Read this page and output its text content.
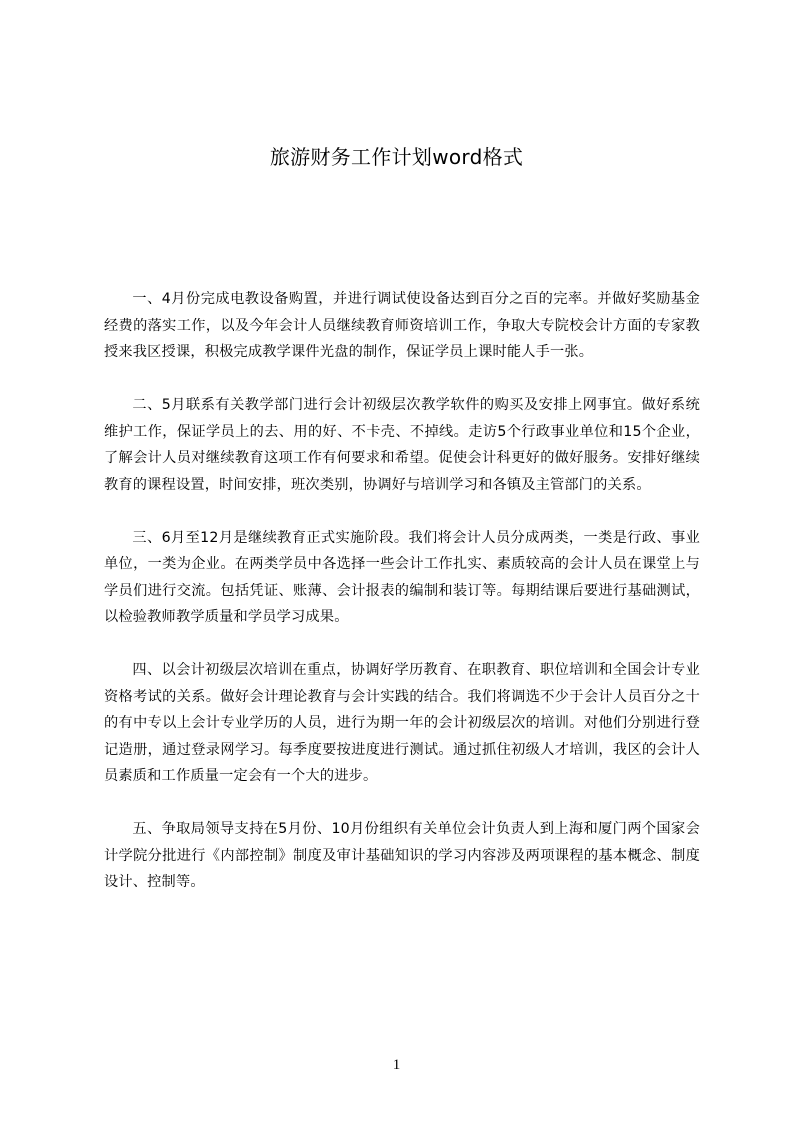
旅游财务工作计划word格式

一、4月份完成电教设备购置，并进行调试使设备达到百分之百的完率。并做好奖励基金经费的落实工作，以及今年会计人员继续教育师资培训工作，争取大专院校会计方面的专家教授来我区授课，积极完成教学课件光盘的制作，保证学员上课时能人手一张。

二、5月联系有关教学部门进行会计初级层次教学软件的购买及安排上网事宜。做好系统维护工作，保证学员上的去、用的好、不卡壳、不掉线。走访5个行政事业单位和15个企业，了解会计人员对继续教育这项工作有何要求和希望。促使会计科更好的做好服务。安排好继续教育的课程设置，时间安排，班次类别，协调好与培训学习和各镇及主管部门的关系。

三、6月至12月是继续教育正式实施阶段。我们将会计人员分成两类，一类是行政、事业单位，一类为企业。在两类学员中各选择一些会计工作扎实、素质较高的会计人员在课堂上与学员们进行交流。包括凭证、账薄、会计报表的编制和装订等。每期结课后要进行基础测试，以检验教师教学质量和学员学习成果。

四、以会计初级层次培训在重点，协调好学历教育、在职教育、职位培训和全国会计专业资格考试的关系。做好会计理论教育与会计实践的结合。我们将调选不少于会计人员百分之十的有中专以上会计专业学历的人员，进行为期一年的会计初级层次的培训。对他们分别进行登记造册，通过登录网学习。每季度要按进度进行测试。通过抓住初级人才培训，我区的会计人员素质和工作质量一定会有一个大的进步。

五、争取局领导支持在5月份、10月份组织有关单位会计负责人到上海和厦门两个国家会计学院分批进行《内部控制》制度及审计基础知识的学习内容涉及两项课程的基本概念、制度设计、控制等。

1
